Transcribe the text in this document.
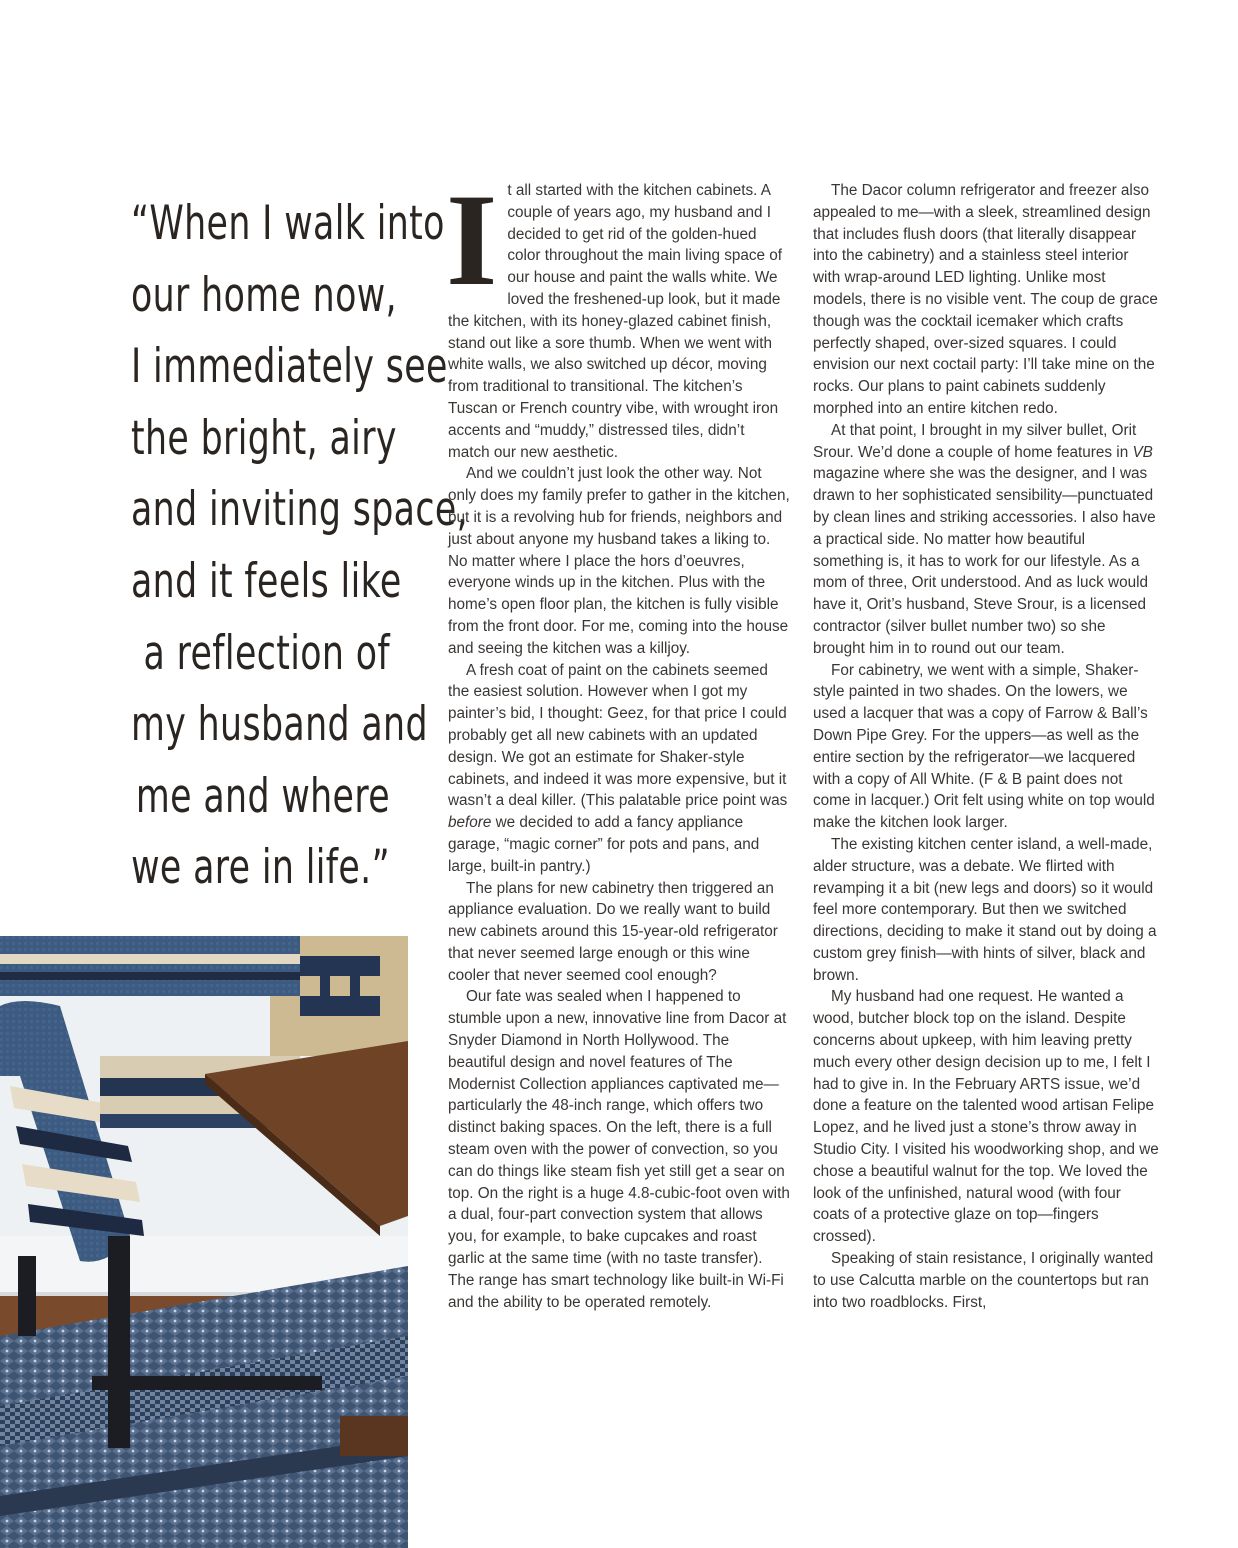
“When I walk into
our home now,
I immediately see
the bright, airy
and inviting space,
and it feels like
a reflection of
my husband and
me and where
we are in life.”

It all started with the kitchen cabinets. A couple of years ago, my husband and I decided to get rid of the golden-hued color throughout the main living space of our house and paint the walls white. We loved the freshened-up look, but it made the kitchen, with its honey-glazed cabinet finish, stand out like a sore thumb. When we went with white walls, we also switched up décor, moving from traditional to transitional. The kitchen’s Tuscan or French country vibe, with wrought iron accents and “muddy,” distressed tiles, didn’t match our new aesthetic.

And we couldn’t just look the other way. Not only does my family prefer to gather in the kitchen, but it is a revolving hub for friends, neighbors and just about anyone my husband takes a liking to. No matter where I place the hors d’oeuvres, everyone winds up in the kitchen. Plus with the home’s open floor plan, the kitchen is fully visible from the front door. For me, coming into the house and seeing the kitchen was a killjoy.

A fresh coat of paint on the cabinets seemed the easiest solution. However when I got my painter’s bid, I thought: Geez, for that price I could probably get all new cabinets with an updated design. We got an estimate for Shaker-style cabinets, and indeed it was more expensive, but it wasn’t a deal killer. (This palatable price point was before we decided to add a fancy appliance garage, “magic corner” for pots and pans, and large, built-in pantry.)

The plans for new cabinetry then triggered an appliance evaluation. Do we really want to build new cabinets around this 15-year-old refrigerator that never seemed large enough or this wine cooler that never seemed cool enough?

Our fate was sealed when I happened to stumble upon a new, innovative line from Dacor at Snyder Diamond in North Hollywood. The beautiful design and novel features of The Modernist Collection appliances captivated me—particularly the 48-inch range, which offers two distinct baking spaces. On the left, there is a full steam oven with the power of convection, so you can do things like steam fish yet still get a sear on top. On the right is a huge 4.8-cubic-foot oven with a dual, four-part convection system that allows you, for example, to bake cupcakes and roast garlic at the same time (with no taste transfer). The range has smart technology like built-in Wi-Fi and the ability to be operated remotely.

The Dacor column refrigerator and freezer also appealed to me—with a sleek, streamlined design that includes flush doors (that literally disappear into the cabinetry) and a stainless steel interior with wrap-around LED lighting. Unlike most models, there is no visible vent. The coup de grace though was the cocktail icemaker which crafts perfectly shaped, over-sized squares. I could envision our next coctail party: I’ll take mine on the rocks. Our plans to paint cabinets suddenly morphed into an entire kitchen redo.

At that point, I brought in my silver bullet, Orit Srour. We’d done a couple of home features in VB magazine where she was the designer, and I was drawn to her sophisticated sensibility—punctuated by clean lines and striking accessories. I also have a practical side. No matter how beautiful something is, it has to work for our lifestyle. As a mom of three, Orit understood. And as luck would have it, Orit’s husband, Steve Srour, is a licensed contractor (silver bullet number two) so she brought him in to round out our team.

For cabinetry, we went with a simple, Shaker-style painted in two shades. On the lowers, we used a lacquer that was a copy of Farrow & Ball’s Down Pipe Grey. For the uppers—as well as the entire section by the refrigerator—we lacquered with a copy of All White. (F & B paint does not come in lacquer.) Orit felt using white on top would make the kitchen look larger.

The existing kitchen center island, a well-made, alder structure, was a debate. We flirted with revamping it a bit (new legs and doors) so it would feel more contemporary. But then we switched directions, deciding to make it stand out by doing a custom grey finish—with hints of silver, black and brown.

My husband had one request. He wanted a wood, butcher block top on the island. Despite concerns about upkeep, with him leaving pretty much every other design decision up to me, I felt I had to give in. In the February ARTS issue, we’d done a feature on the talented wood artisan Felipe Lopez, and he lived just a stone’s throw away in Studio City. I visited his woodworking shop, and we chose a beautiful walnut for the top. We loved the look of the unfinished, natural wood (with four coats of a protective glaze on top—fingers crossed).

Speaking of stain resistance, I originally wanted to use Calcutta marble on the countertops but ran into two roadblocks. First,
